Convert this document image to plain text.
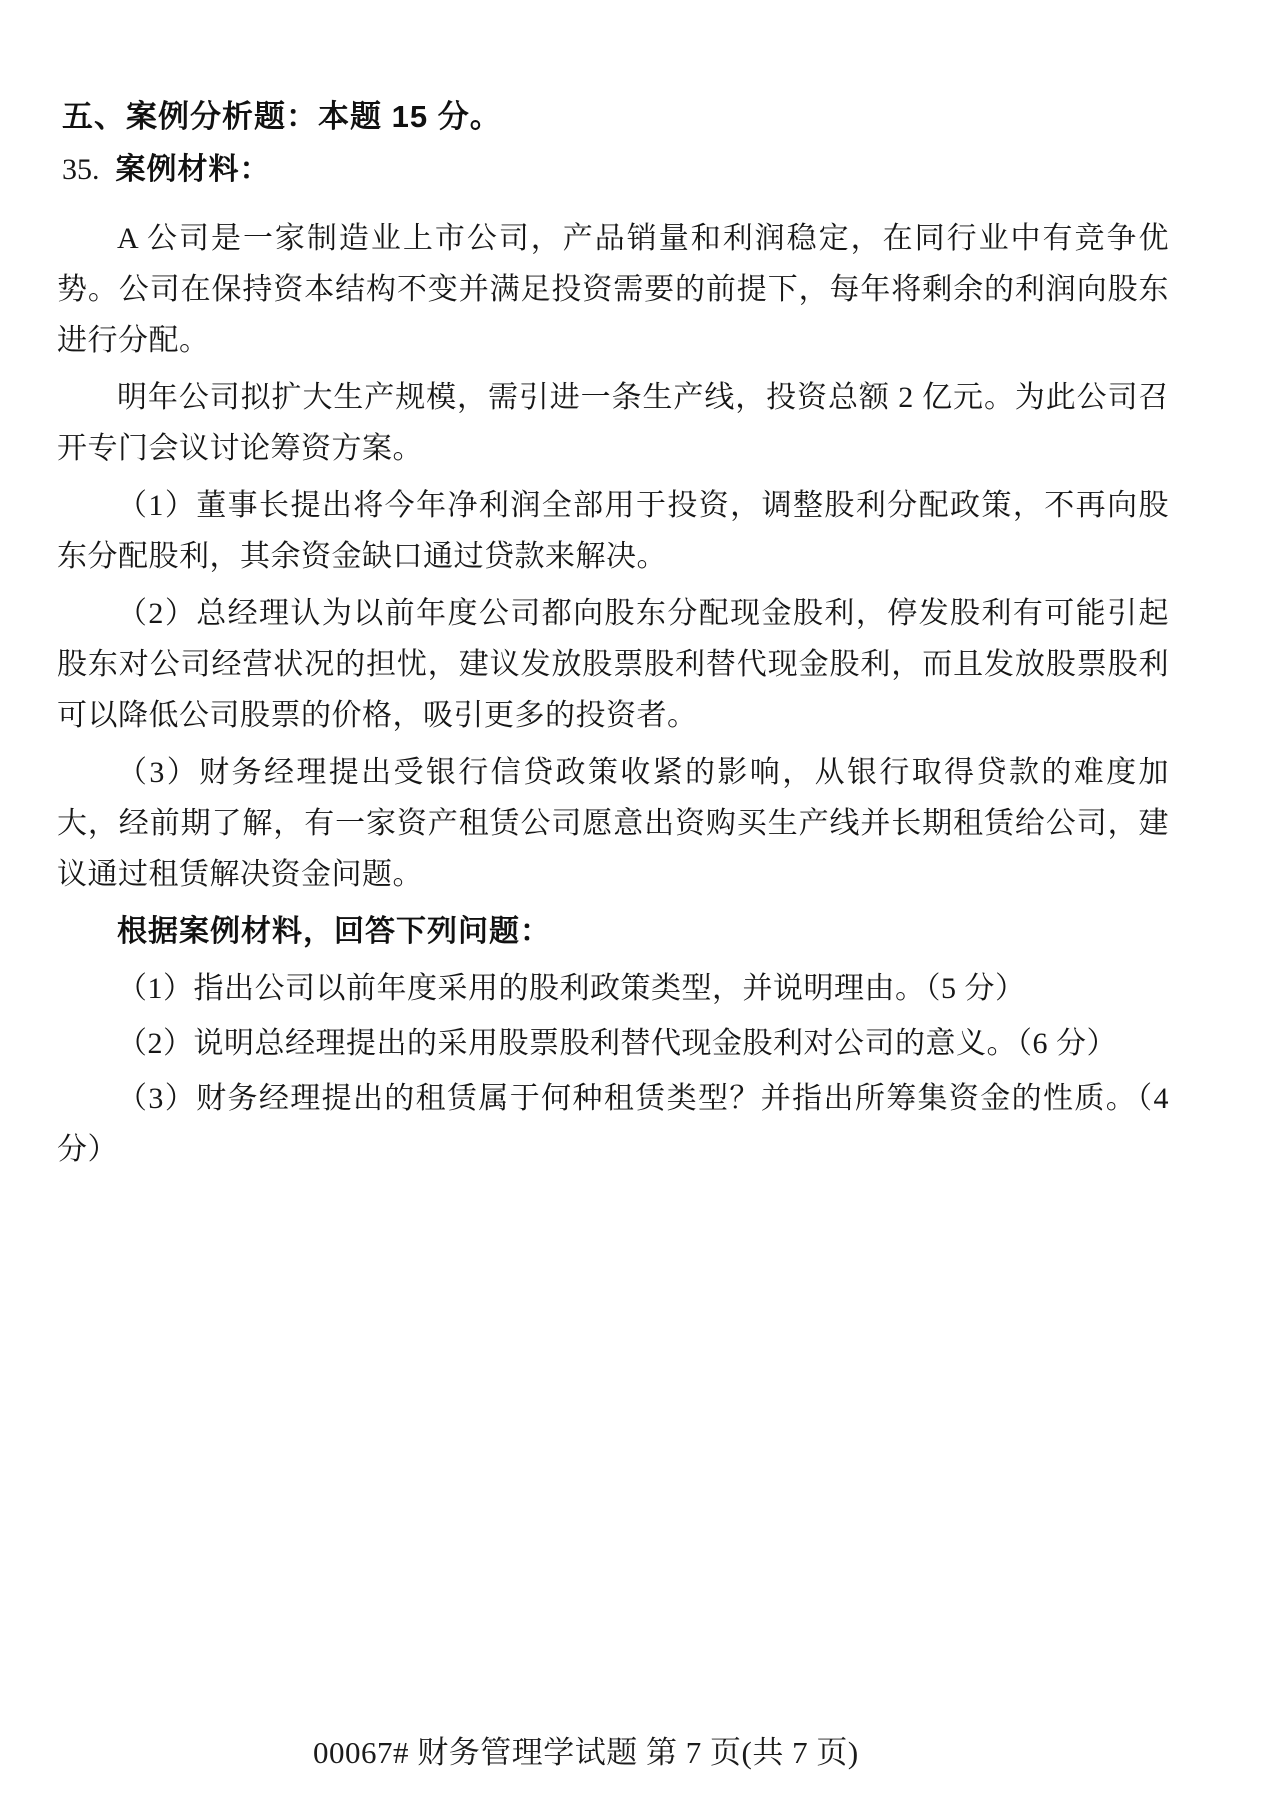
五、案例分析题：本题 15 分。
35. 案例材料：

A 公司是一家制造业上市公司，产品销量和利润稳定，在同行业中有竞争优势。公司在保持资本结构不变并满足投资需要的前提下，每年将剩余的利润向股东进行分配。

明年公司拟扩大生产规模，需引进一条生产线，投资总额 2 亿元。为此公司召开专门会议讨论筹资方案。

（1）董事长提出将今年净利润全部用于投资，调整股利分配政策，不再向股东分配股利，其余资金缺口通过贷款来解决。

（2）总经理认为以前年度公司都向股东分配现金股利，停发股利有可能引起股东对公司经营状况的担忧，建议发放股票股利替代现金股利，而且发放股票股利可以降低公司股票的价格，吸引更多的投资者。

（3）财务经理提出受银行信贷政策收紧的影响，从银行取得贷款的难度加大，经前期了解，有一家资产租赁公司愿意出资购买生产线并长期租赁给公司，建议通过租赁解决资金问题。

根据案例材料，回答下列问题：

（1）指出公司以前年度采用的股利政策类型，并说明理由。（5 分）

（2）说明总经理提出的采用股票股利替代现金股利对公司的意义。（6 分）

（3）财务经理提出的租赁属于何种租赁类型？并指出所筹集资金的性质。（4 分）

00067# 财务管理学试题 第 7 页(共 7 页)
